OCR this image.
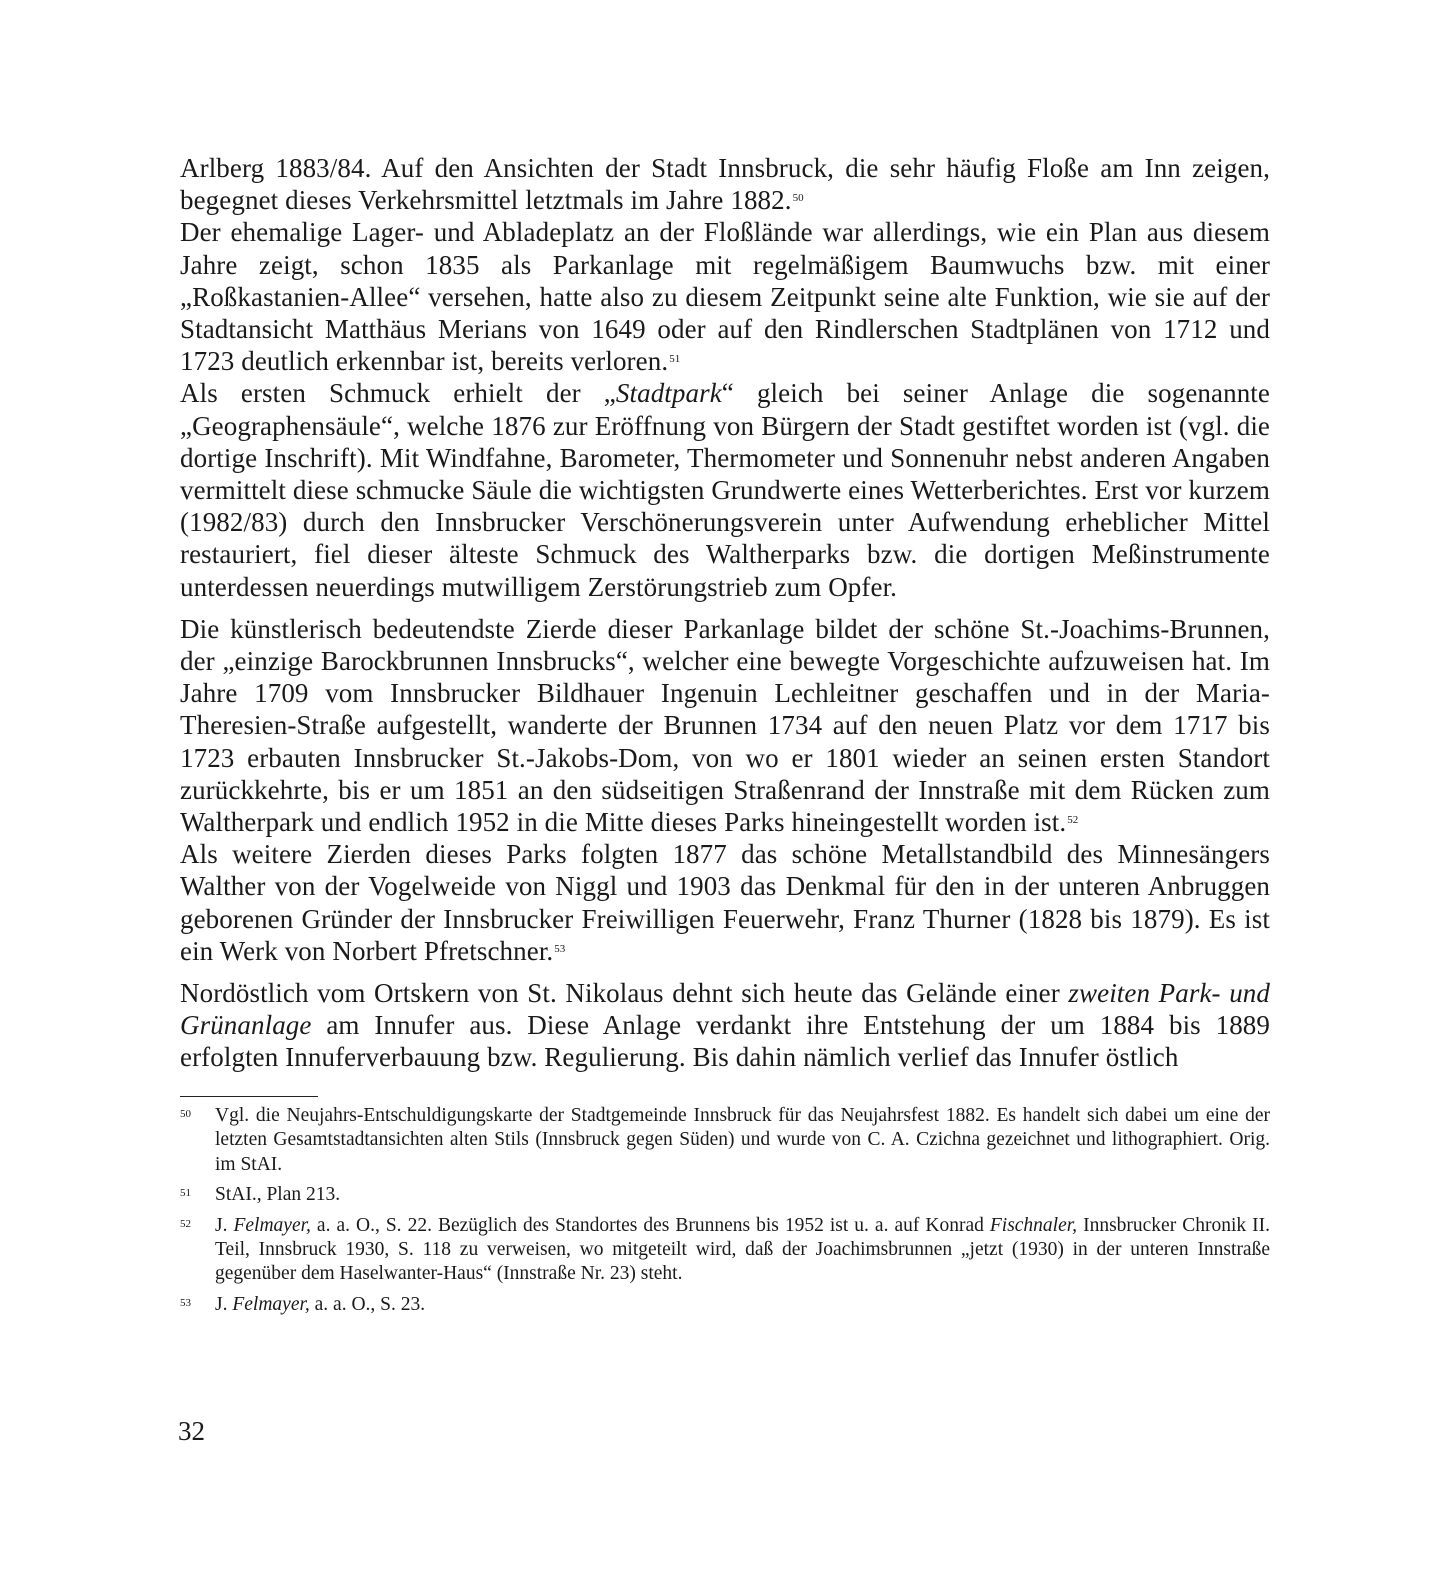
Arlberg 1883/84. Auf den Ansichten der Stadt Innsbruck, die sehr häufig Floße am Inn zeigen, begegnet dieses Verkehrsmittel letztmals im Jahre 1882.50
Der ehemalige Lager- und Abladeplatz an der Floßlände war allerdings, wie ein Plan aus diesem Jahre zeigt, schon 1835 als Parkanlage mit regelmäßigem Baumwuchs bzw. mit einer „Roßkastanien-Allee“ versehen, hatte also zu diesem Zeitpunkt seine alte Funktion, wie sie auf der Stadtansicht Matthäus Merians von 1649 oder auf den Rindlerschen Stadtplänen von 1712 und 1723 deutlich erkennbar ist, bereits verloren.$^{51}$
Als ersten Schmuck erhielt der „Stadtpark“ gleich bei seiner Anlage die sogenannte „Geographensäule“, welche 1876 zur Eröffnung von Bürgern der Stadt gestiftet worden ist (vgl. die dortige Inschrift). Mit Windfahne, Barometer, Thermometer und Sonnenuhr nebst anderen Angaben vermittelt diese schmucke Säule die wichtigsten Grundwerte eines Wetterberichtes. Erst vor kurzem (1982/83) durch den Innsbrucker Verschönerungsverein unter Aufwendung erheblicher Mittel restauriert, fiel dieser älteste Schmuck des Waltherparks bzw. die dortigen Meßinstrumente unterdessen neuerdings mutwilligem Zerstörungstrieb zum Opfer.

Die künstlerisch bedeutendste Zierde dieser Parkanlage bildet der schöne St.-Joachims-Brunnen, der „einzige Barockbrunnen Innsbrucks“, welcher eine bewegte Vorgeschichte aufzuweisen hat. Im Jahre 1709 vom Innsbrucker Bildhauer Ingenuin Lechleitner geschaffen und in der Maria-Theresien-Straße aufgestellt, wanderte der Brunnen 1734 auf den neuen Platz vor dem 1717 bis 1723 erbauten Innsbrucker St.-Jakobs-Dom, von wo er 1801 wieder an seinen ersten Standort zurückkehrte, bis er um 1851 an den südseitigen Straßenrand der Innstraße mit dem Rücken zum Waltherpark und endlich 1952 in die Mitte dieses Parks hineingestellt worden ist.$^{52}$
Als weitere Zierden dieses Parks folgten 1877 das schöne Metallstandbild des Minnesängers Walther von der Vogelweide von Niggl und 1903 das Denkmal für den in der unteren Anbruggen geborenen Gründer der Innsbrucker Freiwilligen Feuerwehr, Franz Thurner (1828 bis 1879). Es ist ein Werk von Norbert Pfretschner.$^{53}$

Nordöstlich vom Ortskern von St. Nikolaus dehnt sich heute das Gelände einer zweiten Park- und Grünanlage am Innufer aus. Diese Anlage verdankt ihre Entstehung der um 1884 bis 1889 erfolgten Innuferverbauung bzw. Regulierung. Bis dahin nämlich verlief das Innufer östlich

50	Vgl. die Neujahrs-Entschuldigungskarte der Stadtgemeinde Innsbruck für das Neujahrsfest 1882. Es handelt sich dabei um eine der letzten Gesamtstadtansichten alten Stils (Innsbruck gegen Süden) und wurde von C. A. Czichna gezeichnet und lithographiert. Orig. im StAI.
51	StAI., Plan 213.
52	J. Felmayer, a. a. O., S. 22. Bezüglich des Standortes des Brunnens bis 1952 ist u. a. auf Konrad Fischnaler, Innsbrucker Chronik II. Teil, Innsbruck 1930, S. 118 zu verweisen, wo mitgeteilt wird, daß der Joachimsbrunnen „jetzt (1930) in der unteren Innstraße gegenüber dem Haselwanter-Haus“ (Innstraße Nr. 23) steht.
53	J. Felmayer, a. a. O., S. 23.
32
